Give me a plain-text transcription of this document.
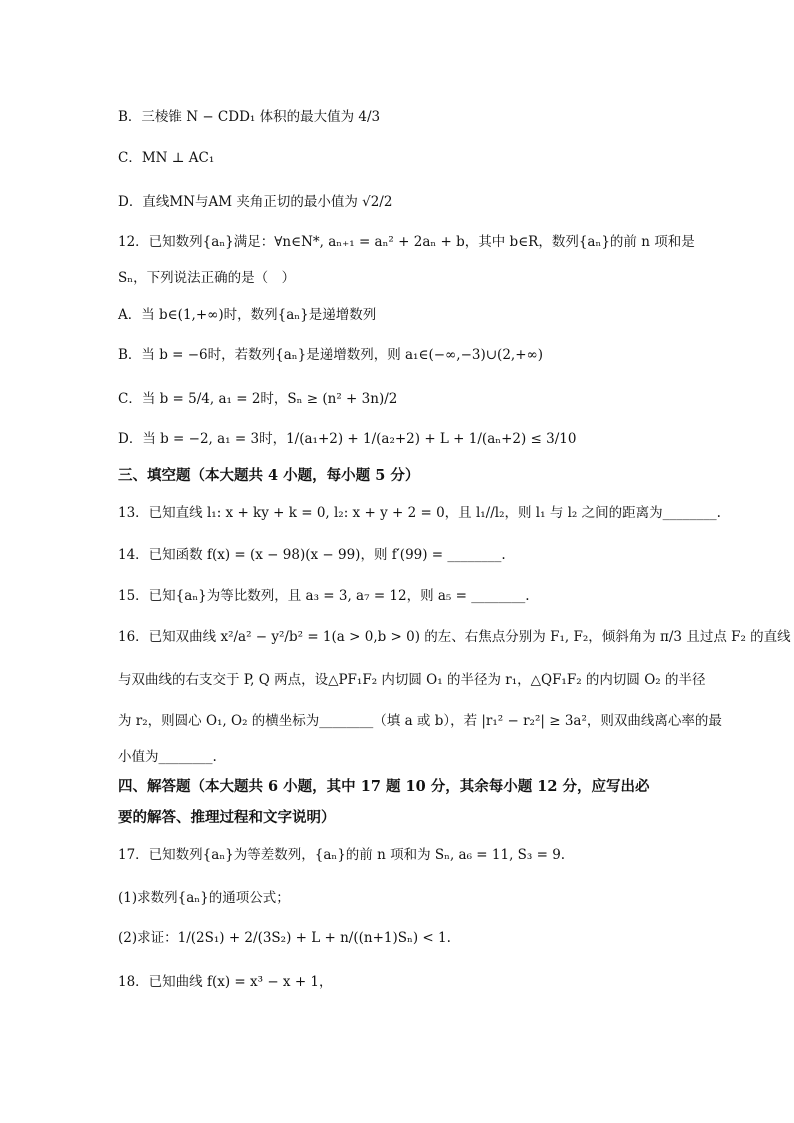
B．三棱锥 N − CDD₁ 体积的最大值为 4/3
C．MN ⊥ AC₁
D．直线MN与AM 夹角正切的最小值为 √2/2
12．已知数列{aₙ}满足：∀n∈N*, aₙ₊₁ = aₙ² + 2aₙ + b，其中 b∈R，数列{aₙ}的前 n 项和是
Sₙ，下列说法正确的是（　）
A．当 b∈(1,+∞)时，数列{aₙ}是递增数列
B．当 b = −6时，若数列{aₙ}是递增数列，则 a₁∈(−∞,−3)∪(2,+∞)
C．当 b = 5/4, a₁ = 2时，Sₙ ≥ (n² + 3n)/2
D．当 b = −2, a₁ = 3时，1/(a₁+2) + 1/(a₂+2) + L + 1/(aₙ+2) ≤ 3/10
三、填空题（本大题共 4 小题，每小题 5 分）
13．已知直线 l₁: x + ky + k = 0, l₂: x + y + 2 = 0，且 l₁//l₂，则 l₁ 与 l₂ 之间的距离为________.
14．已知函数 f(x) = (x − 98)(x − 99)，则 f′(99) = ________.
15．已知{aₙ}为等比数列，且 a₃ = 3, a₇ = 12，则 a₅ = ________.
16．已知双曲线 x²/a² − y²/b² = 1(a > 0,b > 0) 的左、右焦点分别为 F₁, F₂，倾斜角为 π/3 且过点 F₂ 的直线
与双曲线的右支交于 P, Q 两点，设△PF₁F₂ 内切圆 O₁ 的半径为 r₁，△QF₁F₂ 的内切圆 O₂ 的半径
为 r₂，则圆心 O₁, O₂ 的横坐标为________（填 a 或 b），若 |r₁² − r₂²| ≥ 3a²，则双曲线离心率的最
小值为________.
四、解答题（本大题共 6 小题，其中 17 题 10 分，其余每小题 12 分，应写出必
要的解答、推理过程和文字说明）
17．已知数列{aₙ}为等差数列，{aₙ}的前 n 项和为 Sₙ, a₆ = 11, S₃ = 9.
(1)求数列{aₙ}的通项公式；
(2)求证：1/(2S₁) + 2/(3S₂) + L + n/((n+1)Sₙ) < 1.
18．已知曲线 f(x) = x³ − x + 1，
